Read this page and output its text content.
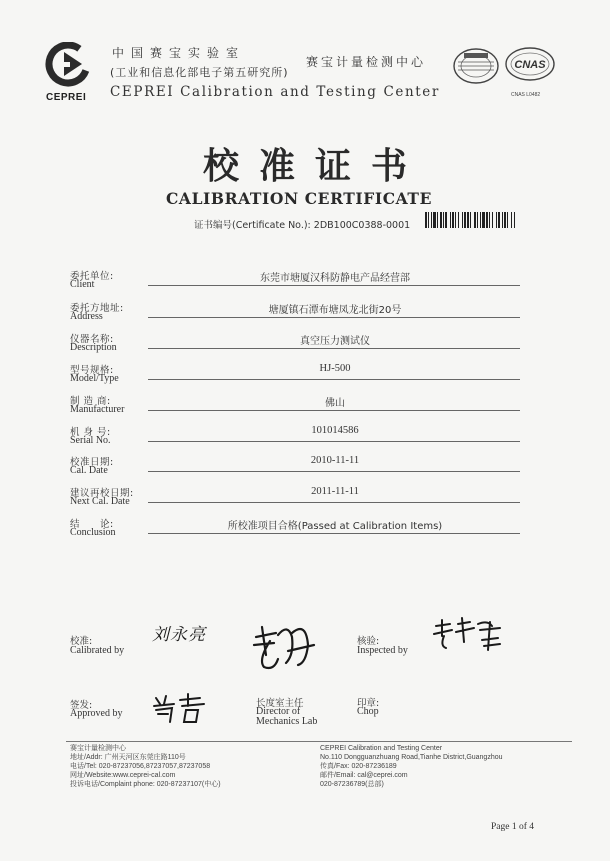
CEPREI
中国赛宝实验室
(工业和信息化部电子第五研究所)
赛宝计量检测中心
CEPREI Calibration and Testing Center
CNAS
CNAS L0482
校准证书
CALIBRATION CERTIFICATE
证书编号(Certificate No.): 2DB100C0388-0001
委托单位:
Client
东莞市塘厦汉科防静电产品经营部
委托方地址:
Address
塘厦镇石潭布塘凤龙北街20号
仪器名称:
Description
真空压力测试仪
型号规格:
Model/Type
HJ-500
制 造 商:
Manufacturer
佛山
机 身 号:
Serial No.
101014586
校准日期:
Cal. Date
2010-11-11
建议再校日期:
Next Cal. Date
2011-11-11
结　　论:
Conclusion
所校准项目合格(Passed at Calibration Items)
校准:
Calibrated by
刘永亮	核验:
Inspected by
签发:
Approved by
长度室主任
Director of
Mechanics Lab
印章:
Chop
赛宝计量检测中心
地址/Addr: 广州天河区东莞庄路110号
电话/Tel: 020-87237056,87237057,87237058
网址/Website:www.ceprei-cal.com
投诉电话/Complaint phone: 020-87237107(中心)
CEPREI Calibration and Testing Center
No.110 Dongguanzhuang Road,Tianhe District,Guangzhou
传真/Fax: 020-87236189
邮件/Email: cal@ceprei.com
020-87236789(总部)
Page 1 of 4
